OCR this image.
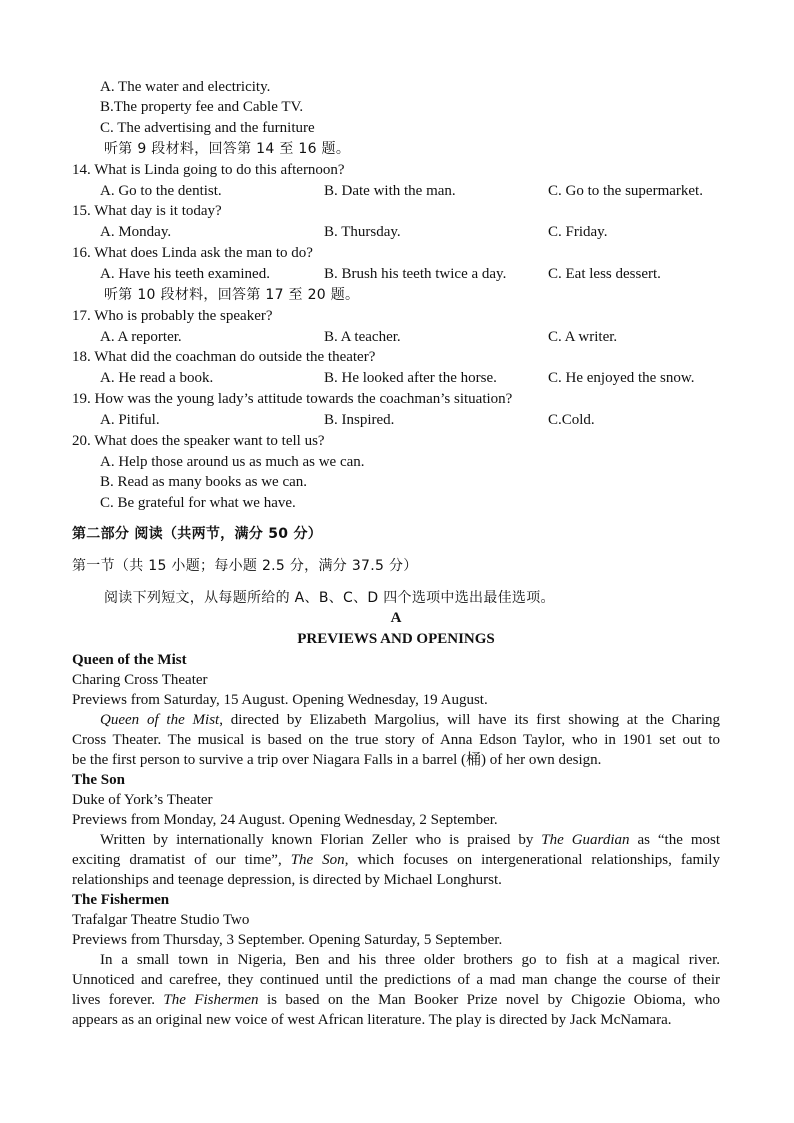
A. The water and electricity.
B.The property fee and Cable TV.
C. The advertising and the furniture
听第 9 段材料，回答第 14 至 16 题。
14. What is Linda going to do this afternoon?
A. Go to the dentist.	B. Date with the man.	C. Go to the supermarket.
15. What day is it today?
A. Monday.	B. Thursday.	C. Friday.
16. What does Linda ask the man to do?
A. Have his teeth examined.	B. Brush his teeth twice a day.	C. Eat less dessert.
听第 10 段材料，回答第 17 至 20 题。
17. Who is probably the speaker?
A. A reporter.	B. A teacher.	C. A writer.
18. What did the coachman do outside the theater?
A. He read a book.	B. He looked after the horse.	C. He enjoyed the snow.
19. How was the young lady’s attitude towards the coachman’s situation?
A. Pitiful.	B. Inspired.	C.Cold.
20. What does the speaker want to tell us?
A. Help those around us as much as we can.
B. Read as many books as we can.
C. Be grateful for what we have.
第二部分 阅读（共两节，满分 50 分）
第一节（共 15 小题；每小题 2.5 分，满分 37.5 分）
阅读下列短文，从每题所给的 A、B、C、D 四个选项中选出最佳选项。
A
PREVIEWS AND OPENINGS
Queen of the Mist
Charing Cross Theater
Previews from Saturday, 15 August. Opening Wednesday, 19 August.
Queen of the Mist, directed by Elizabeth Margolius, will have its first showing at the Charing
Cross Theater. The musical is based on the true story of Anna Edson Taylor, who in 1901 set out to
be the first person to survive a trip over Niagara Falls in a barrel (桶) of her own design.
The Son
Duke of York’s Theater
Previews from Monday, 24 August. Opening Wednesday, 2 September.
Written by internationally known Florian Zeller who is praised by The Guardian as “the most
exciting dramatist of our time”, The Son, which focuses on intergenerational relationships, family
relationships and teenage depression, is directed by Michael Longhurst.
The Fishermen
Trafalgar Theatre Studio Two
Previews from Thursday, 3 September. Opening Saturday, 5 September.
In a small town in Nigeria, Ben and his three older brothers go to fish at a magical river.
Unnoticed and carefree, they continued until the predictions of a mad man change the course of their
lives forever. The Fishermen is based on the Man Booker Prize novel by Chigozie Obioma, who
appears as an original new voice of west African literature. The play is directed by Jack McNamara.
